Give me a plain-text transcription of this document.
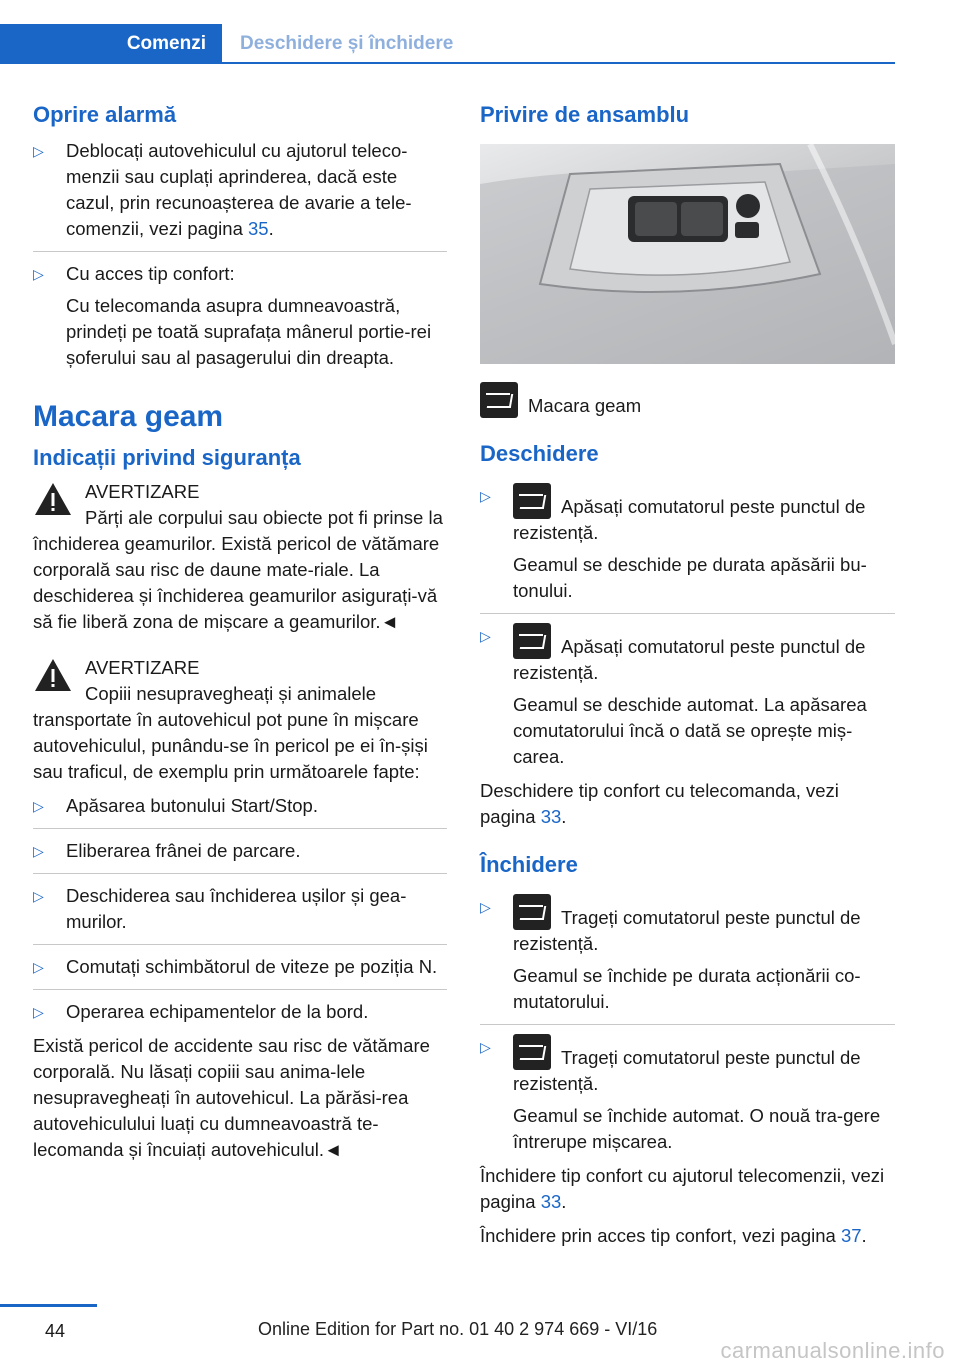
Comenzi Deschidere și închidere
Oprire alarmă
▷ Deblocați autovehiculul cu ajutorul teleco-menzii sau cuplați aprinderea, dacă este cazul, prin recunoașterea de avarie a tele-comenzii, vezi pagina 35.

▷ Cu acces tip confort:

Cu telecomanda asupra dumneavoastră, prindeți pe toată suprafața mânerul portie-rei șoferului sau al pasagerului din dreapta.

Macara geam
Indicații privind siguranța
AVERTIZARE
Părți ale corpului sau obiecte pot fi prinse la închiderea geamurilor. Există pericol de vătămare corporală sau risc de daune mate-riale. La deschiderea și închiderea geamurilor asigurați-vă să fie liberă zona de mișcare a geamurilor.◄
AVERTIZARE
Copiii nesupravegheați și animalele transportate în autovehicul pot pune în mișcare autovehiculul, punându-se în pericol pe ei în-șiși sau traficul, de exemplu prin următoarele fapte:
▷ Apăsarea butonului Start/Stop.

▷ Eliberarea frânei de parcare.

▷ Deschiderea sau închiderea ușilor și gea-murilor.

▷ Comutați schimbătorul de viteze pe poziția N.

▷ Operarea echipamentelor de la bord.

Există pericol de accidente sau risc de vătămare corporală. Nu lăsați copiii sau anima-lele nesupravegheați în autovehicul. La părăsi-rea autovehiculului luați cu dumneavoastră te-lecomanda și încuiați autovehiculul.◄
Privire de ansamblu
Macara geam
Deschidere
▷	Apăsați comutatorul peste punctul de rezistență.

Geamul se deschide pe durata apăsării bu-tonului.

▷	Apăsați comutatorul peste punctul de rezistență.

Geamul se deschide automat. La apăsarea comutatorului încă o dată se oprește miș-carea.

Deschidere tip confort cu telecomanda, vezi pagina 33.
Închidere
▷	Trageți comutatorul peste punctul de rezistență.

Geamul se închide pe durata acționării co-mutatorului.

▷	Trageți comutatorul peste punctul de rezistență.

Geamul se închide automat. O nouă tra-gere întrerupe mișcarea.

Închidere tip confort cu ajutorul telecomenzii, vezi pagina 33.
Închidere prin acces tip confort, vezi pagina 37.
44	Online Edition for Part no. 01 40 2 974 669 - VI/16
carmanualsonline.info
